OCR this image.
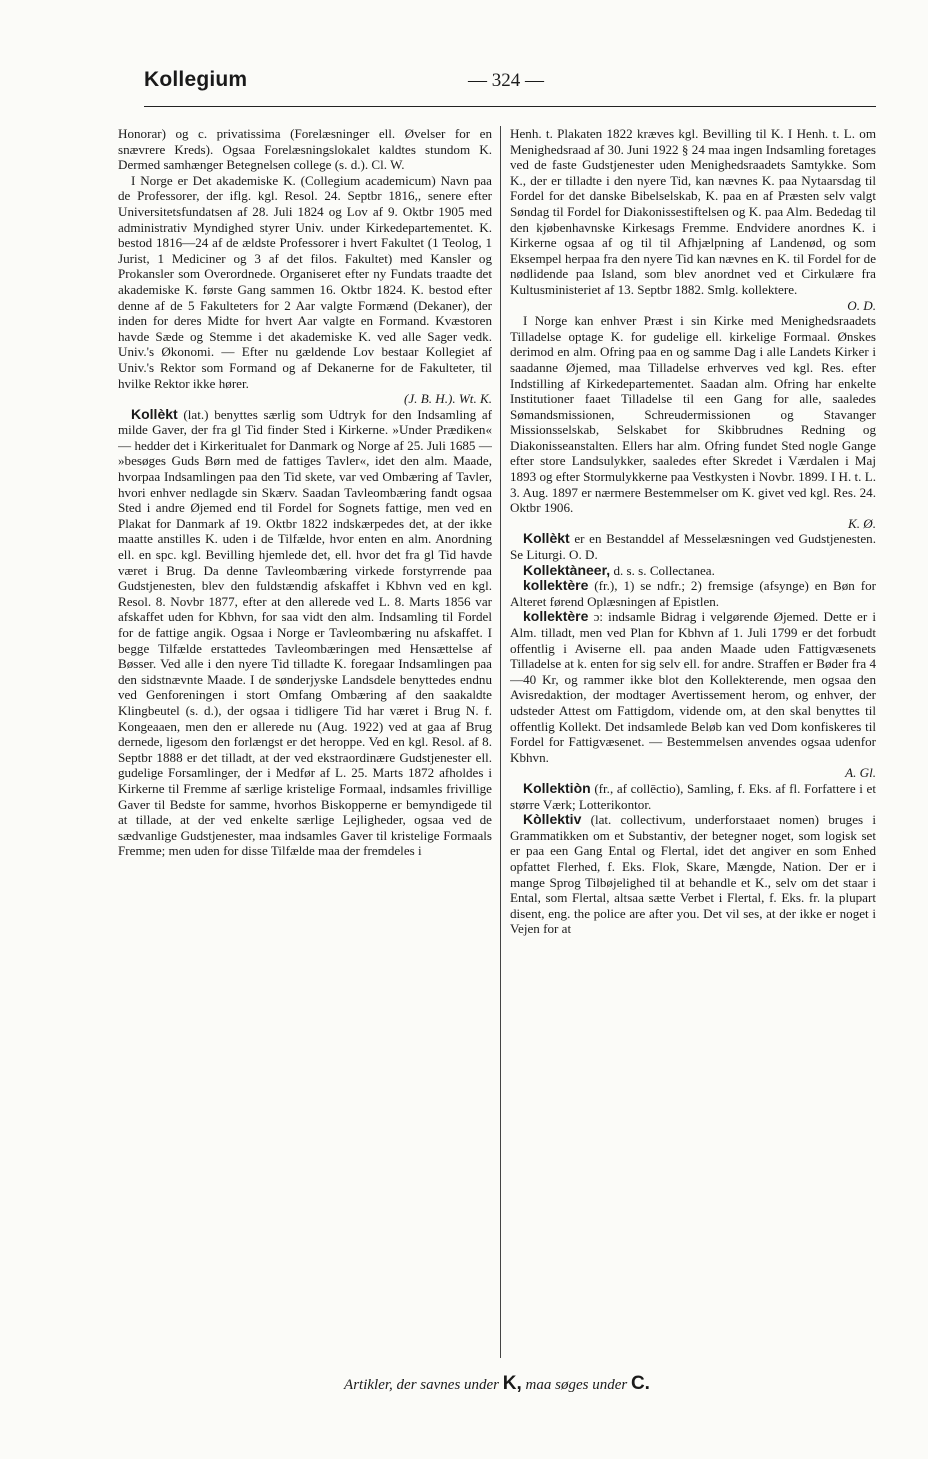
Kollegium	— 324 —

Honorar) og c. privatissima (Forelæsninger ell. Øvelser for en snævrere Kreds). Ogsaa Forelæsningslokalet kaldtes stundom K. Dermed samhænger Betegnelsen college (s. d.). Cl. W.

I Norge er Det akademiske K. (Collegium academicum) Navn paa de Professorer, der iflg. kgl. Resol. 24. Septbr 1816,, senere efter Universitetsfundatsen af 28. Juli 1824 og Lov af 9. Oktbr 1905 med administrativ Myndighed styrer Univ. under Kirkedepartementet. K. bestod 1816—24 af de ældste Professorer i hvert Fakultet (1 Teolog, 1 Jurist, 1 Mediciner og 3 af det filos. Fakultet) med Kansler og Prokansler som Overordnede. Organiseret efter ny Fundats traadte det akademiske K. første Gang sammen 16. Oktbr 1824. K. bestod efter denne af de 5 Fakulteters for 2 Aar valgte Formænd (Dekaner), der inden for deres Midte for hvert Aar valgte en Formand. Kvæstoren havde Sæde og Stemme i det akademiske K. ved alle Sager vedk. Univ.'s Økonomi. — Efter nu gældende Lov bestaar Kollegiet af Univ.'s Rektor som Formand og af Dekanerne for de Fakulteter, til hvilke Rektor ikke hører.

(J. B. H.). Wt. K.

Kollèkt (lat.) benyttes særlig som Udtryk for den Indsamling af milde Gaver, der fra gl Tid finder Sted i Kirkerne. »Under Prædiken« — hedder det i Kirkeritualet for Danmark og Norge af 25. Juli 1685 — »besøges Guds Børn med de fattiges Tavler«, idet den alm. Maade, hvorpaa Indsamlingen paa den Tid skete, var ved Ombæring af Tavler, hvori enhver nedlagde sin Skærv. Saadan Tavleombæring fandt ogsaa Sted i andre Øjemed end til Fordel for Sognets fattige, men ved en Plakat for Danmark af 19. Oktbr 1822 indskærpedes det, at der ikke maatte anstilles K. uden i de Tilfælde, hvor enten en alm. Anordning ell. en spc. kgl. Bevilling hjemlede det, ell. hvor det fra gl Tid havde været i Brug. Da denne Tavleombæring virkede forstyrrende paa Gudstjenesten, blev den fuldstændig afskaffet i Kbhvn ved en kgl. Resol. 8. Novbr 1877, efter at den allerede ved L. 8. Marts 1856 var afskaffet uden for Kbhvn, for saa vidt den alm. Indsamling til Fordel for de fattige angik. Ogsaa i Norge er Tavleombæring nu afskaffet. I begge Tilfælde erstattedes Tavleombæringen med Hensættelse af Bøsser. Ved alle i den nyere Tid tilladte K. foregaar Indsamlingen paa den sidstnævnte Maade. I de sønderjyske Landsdele benyttedes endnu ved Genforeningen i stort Omfang Ombæring af den saakaldte Klingbeutel (s. d.), der ogsaa i tidligere Tid har været i Brug N. f. Kongeaaen, men den er allerede nu (Aug. 1922) ved at gaa af Brug dernede, ligesom den forlængst er det heroppe. Ved en kgl. Resol. af 8. Septbr 1888 er det tilladt, at der ved ekstraordinære Gudstjenester ell. gudelige Forsamlinger, der i Medfør af L. 25. Marts 1872 afholdes i Kirkerne til Fremme af særlige kristelige Formaal, indsamles frivillige Gaver til Bedste for samme, hvorhos Biskopperne er bemyndigede til at tillade, at der ved enkelte særlige Lejligheder, ogsaa ved de sædvanlige Gudstjenester, maa indsamles Gaver til kristelige Formaals Fremme; men uden for disse Tilfælde maa der fremdeles i

Henh. t. Plakaten 1822 kræves kgl. Bevilling til K. I Henh. t. L. om Menighedsraad af 30. Juni 1922 § 24 maa ingen Indsamling foretages ved de faste Gudstjenester uden Menighedsraadets Samtykke. Som K., der er tilladte i den nyere Tid, kan nævnes K. paa Nytaarsdag til Fordel for det danske Bibelselskab, K. paa en af Præsten selv valgt Søndag til Fordel for Diakonissestiftelsen og K. paa Alm. Bededag til den kjøbenhavnske Kirkesags Fremme. Endvidere anordnes K. i Kirkerne ogsaa af og til til Afhjælpning af Landenød, og som Eksempel herpaa fra den nyere Tid kan nævnes en K. til Fordel for de nødlidende paa Island, som blev anordnet ved et Cirkulære fra Kultusministeriet af 13. Septbr 1882. Smlg. kollektere.

O. D.

I Norge kan enhver Præst i sin Kirke med Menighedsraadets Tilladelse optage K. for gudelige ell. kirkelige Formaal. Ønskes derimod en alm. Ofring paa en og samme Dag i alle Landets Kirker i saadanne Øjemed, maa Tilladelse erhverves ved kgl. Res. efter Indstilling af Kirkedepartementet. Saadan alm. Ofring har enkelte Institutioner faaet Tilladelse til een Gang for alle, saaledes Sømandsmissionen, Schreudermissionen og Stavanger Missionsselskab, Selskabet for Skibbrudnes Redning og Diakonisseanstalten. Ellers har alm. Ofring fundet Sted nogle Gange efter store Landsulykker, saaledes efter Skredet i Værdalen i Maj 1893 og efter Stormulykkerne paa Vestkysten i Novbr. 1899. I H. t. L. 3. Aug. 1897 er nærmere Bestemmelser om K. givet ved kgl. Res. 24. Oktbr 1906.

K. Ø.

Kollèkt er en Bestanddel af Messelæsningen ved Gudstjenesten. Se Liturgi. O. D.

Kollektàneer, d. s. s. Collectanea.

kollektère (fr.), 1) se ndfr.; 2) fremsige (afsynge) en Bøn for Alteret førend Oplæsningen af Epistlen.

kollektère ɔ: indsamle Bidrag i velgørende Øjemed. Dette er i Alm. tilladt, men ved Plan for Kbhvn af 1. Juli 1799 er det forbudt offentlig i Aviserne ell. paa anden Maade uden Fattigvæsenets Tilladelse at k. enten for sig selv ell. for andre. Straffen er Bøder fra 4—40 Kr, og rammer ikke blot den Kollekterende, men ogsaa den Avisredaktion, der modtager Avertissement herom, og enhver, der udsteder Attest om Fattigdom, vidende om, at den skal benyttes til offentlig Kollekt. Det indsamlede Beløb kan ved Dom konfiskeres til Fordel for Fattigvæsenet. — Bestemmelsen anvendes ogsaa udenfor Kbhvn.

A. Gl.

Kollektiòn (fr., af collēctio), Samling, f. Eks. af fl. Forfattere i et større Værk; Lotterikontor.

Kòllektiv (lat. collectivum, underforstaaet nomen) bruges i Grammatikken om et Substantiv, der betegner noget, som logisk set er paa een Gang Ental og Flertal, idet det angiver en som Enhed opfattet Flerhed, f. Eks. Flok, Skare, Mængde, Nation. Der er i mange Sprog Tilbøjelighed til at behandle et K., selv om det staar i Ental, som Flertal, altsaa sætte Verbet i Flertal, f. Eks. fr. la plupart disent, eng. the police are after you. Det vil ses, at der ikke er noget i Vejen for at

Artikler, der savnes under K, maa søges under C.
